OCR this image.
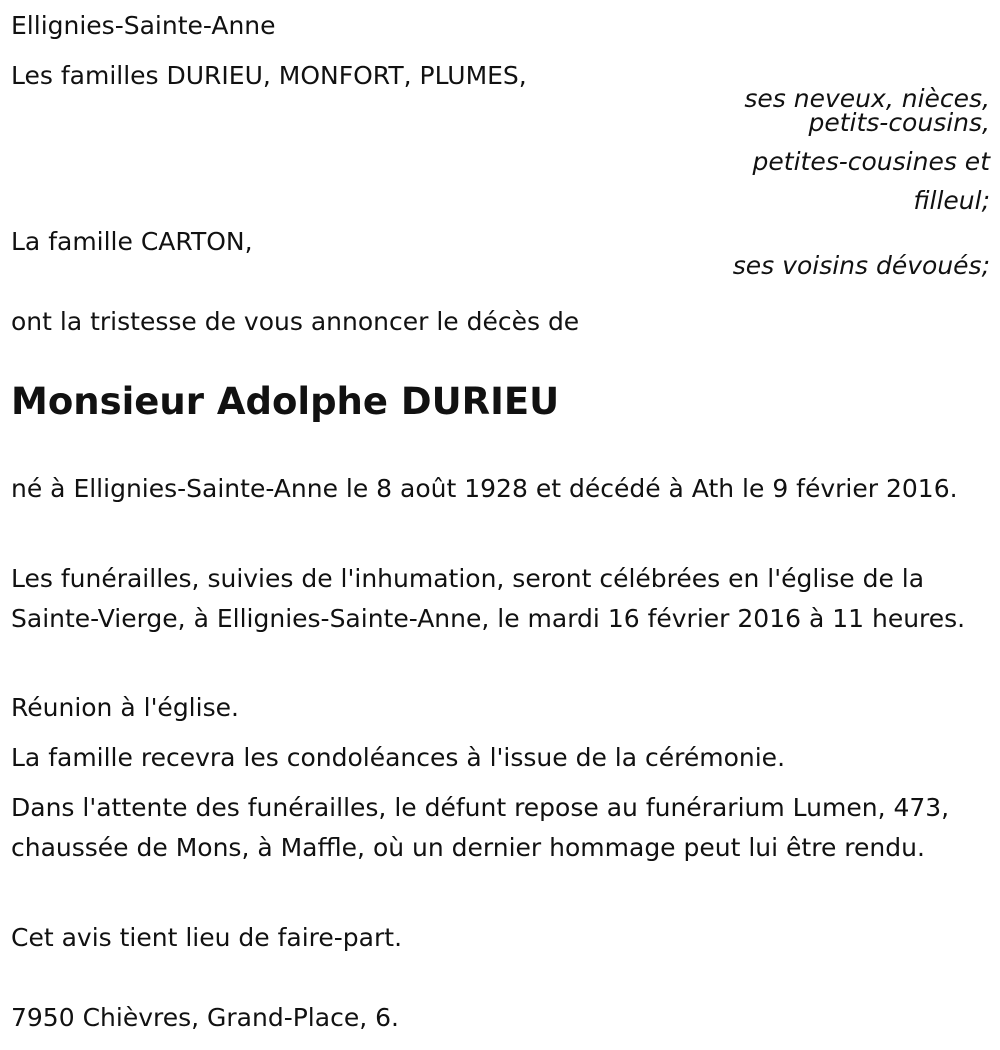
Ellignies-Sainte-Anne

Les familles DURIEU, MONFORT, PLUMES,

ses neveux, nièces,

petits-cousins,

petites-cousines et

filleul;

La famille CARTON,

ses voisins dévoués;

ont la tristesse de vous annoncer le décès de

Monsieur Adolphe DURIEU

né à Ellignies-Sainte-Anne le 8 août 1928 et décédé à Ath le 9 février 2016.

Les funérailles, suivies de l'inhumation, seront célébrées en l'église de la Sainte-Vierge, à Ellignies-Sainte-Anne, le mardi 16 février 2016 à 11 heures.

Réunion à l'église.

La famille recevra les condoléances à l'issue de la cérémonie.

Dans l'attente des funérailles, le défunt repose au funérarium Lumen, 473, chaussée de Mons, à Maffle, où un dernier hommage peut lui être rendu.

Cet avis tient lieu de faire-part.

7950 Chièvres, Grand-Place, 6.
